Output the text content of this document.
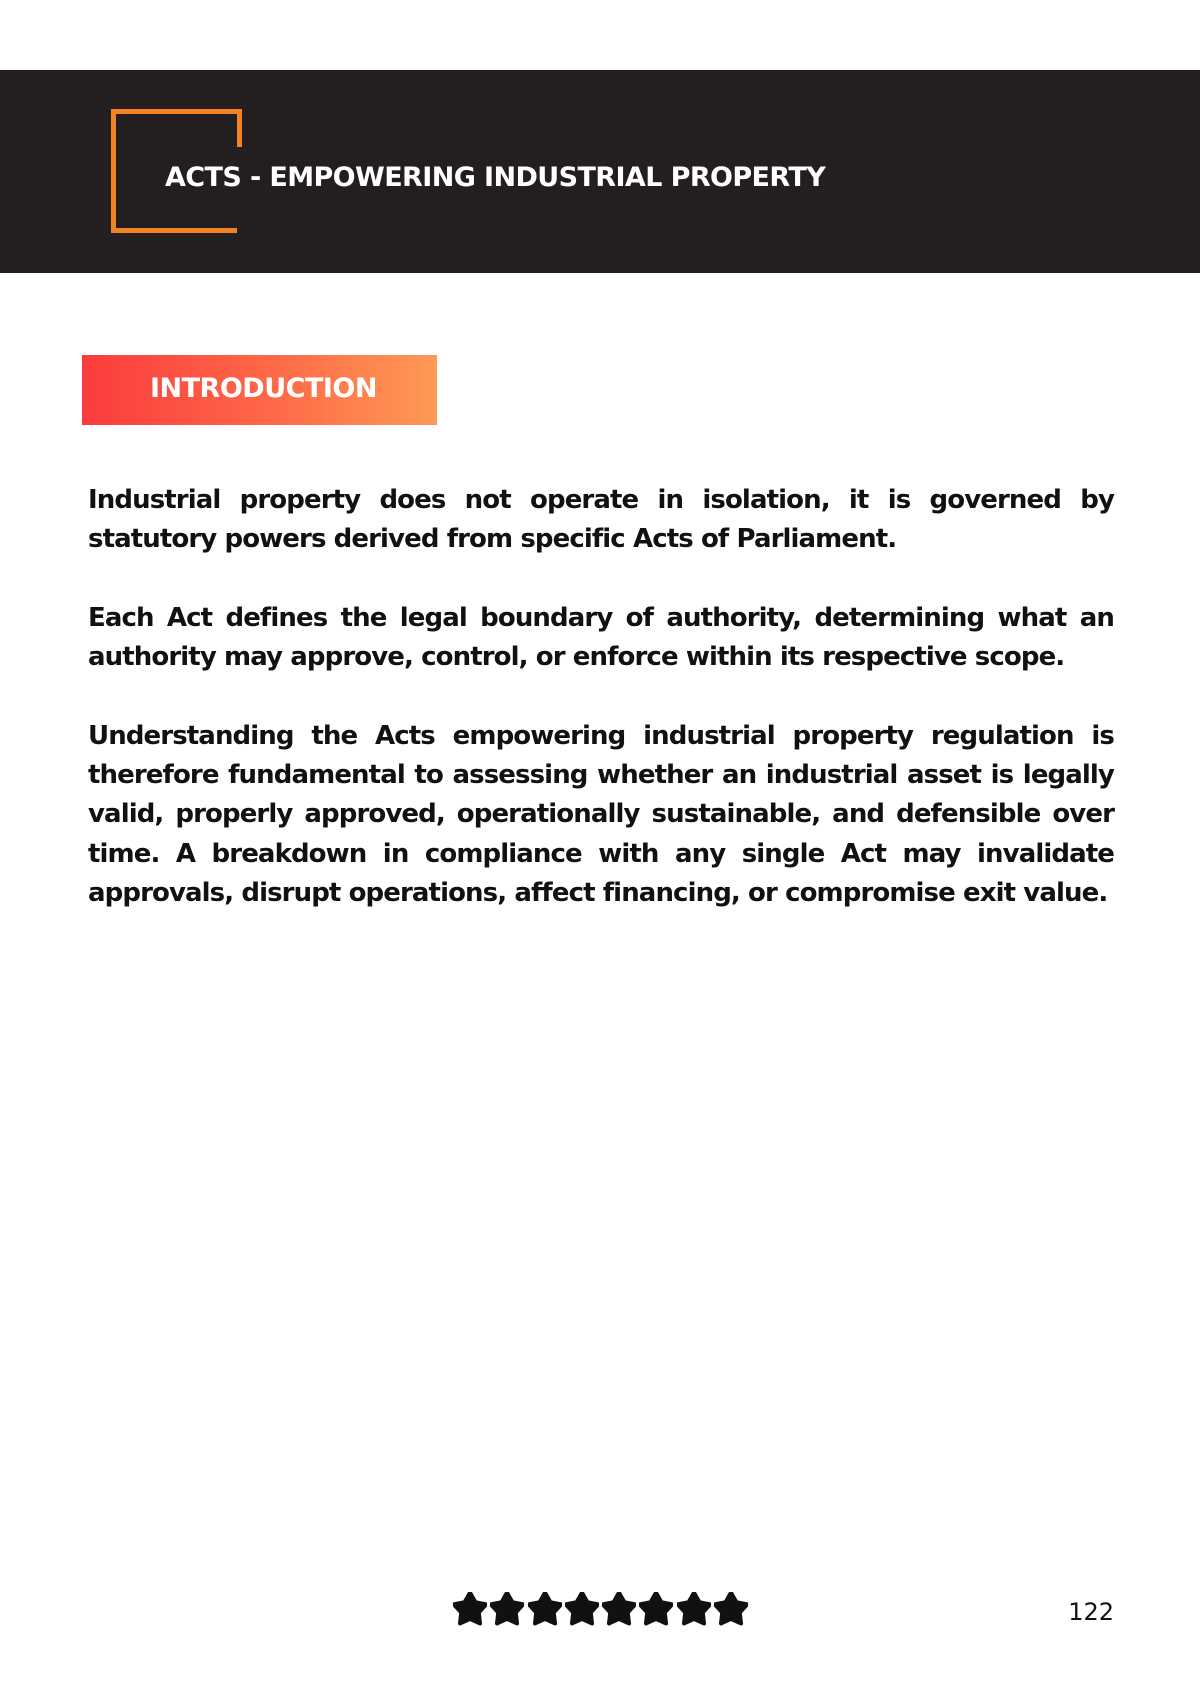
ACTS - EMPOWERING INDUSTRIAL PROPERTY
INTRODUCTION

Industrial property does not operate in isolation, it is governed by statutory powers derived from specific Acts of Parliament.

Each Act defines the legal boundary of authority, determining what an authority may approve, control, or enforce within its respective scope.

Understanding the Acts empowering industrial property regulation is therefore fundamental to assessing whether an industrial asset is legally valid, properly approved, operationally sustainable, and defensible over time. A breakdown in compliance with any single Act may invalidate approvals, disrupt operations, affect financing, or compromise exit value.

122
